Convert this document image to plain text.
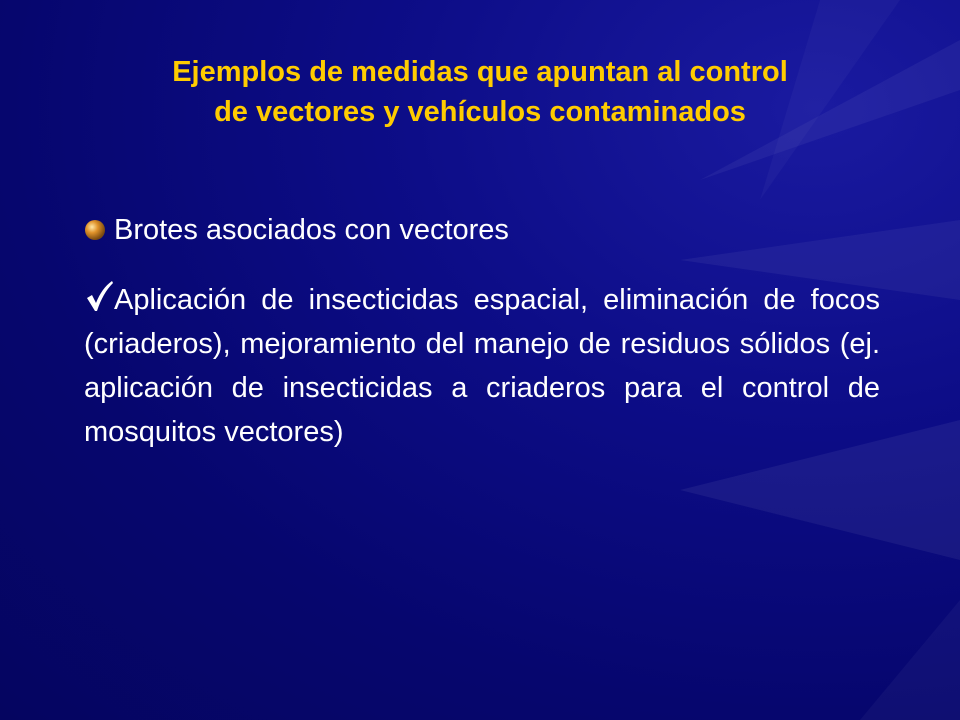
Ejemplos de medidas que apuntan al control
de vectores y vehículos contaminados
Brotes asociados con vectores
Aplicación de insecticidas espacial, eliminación de focos (criaderos), mejoramiento del manejo de residuos sólidos (ej. aplicación de insecticidas a criaderos para el control de mosquitos vectores)
